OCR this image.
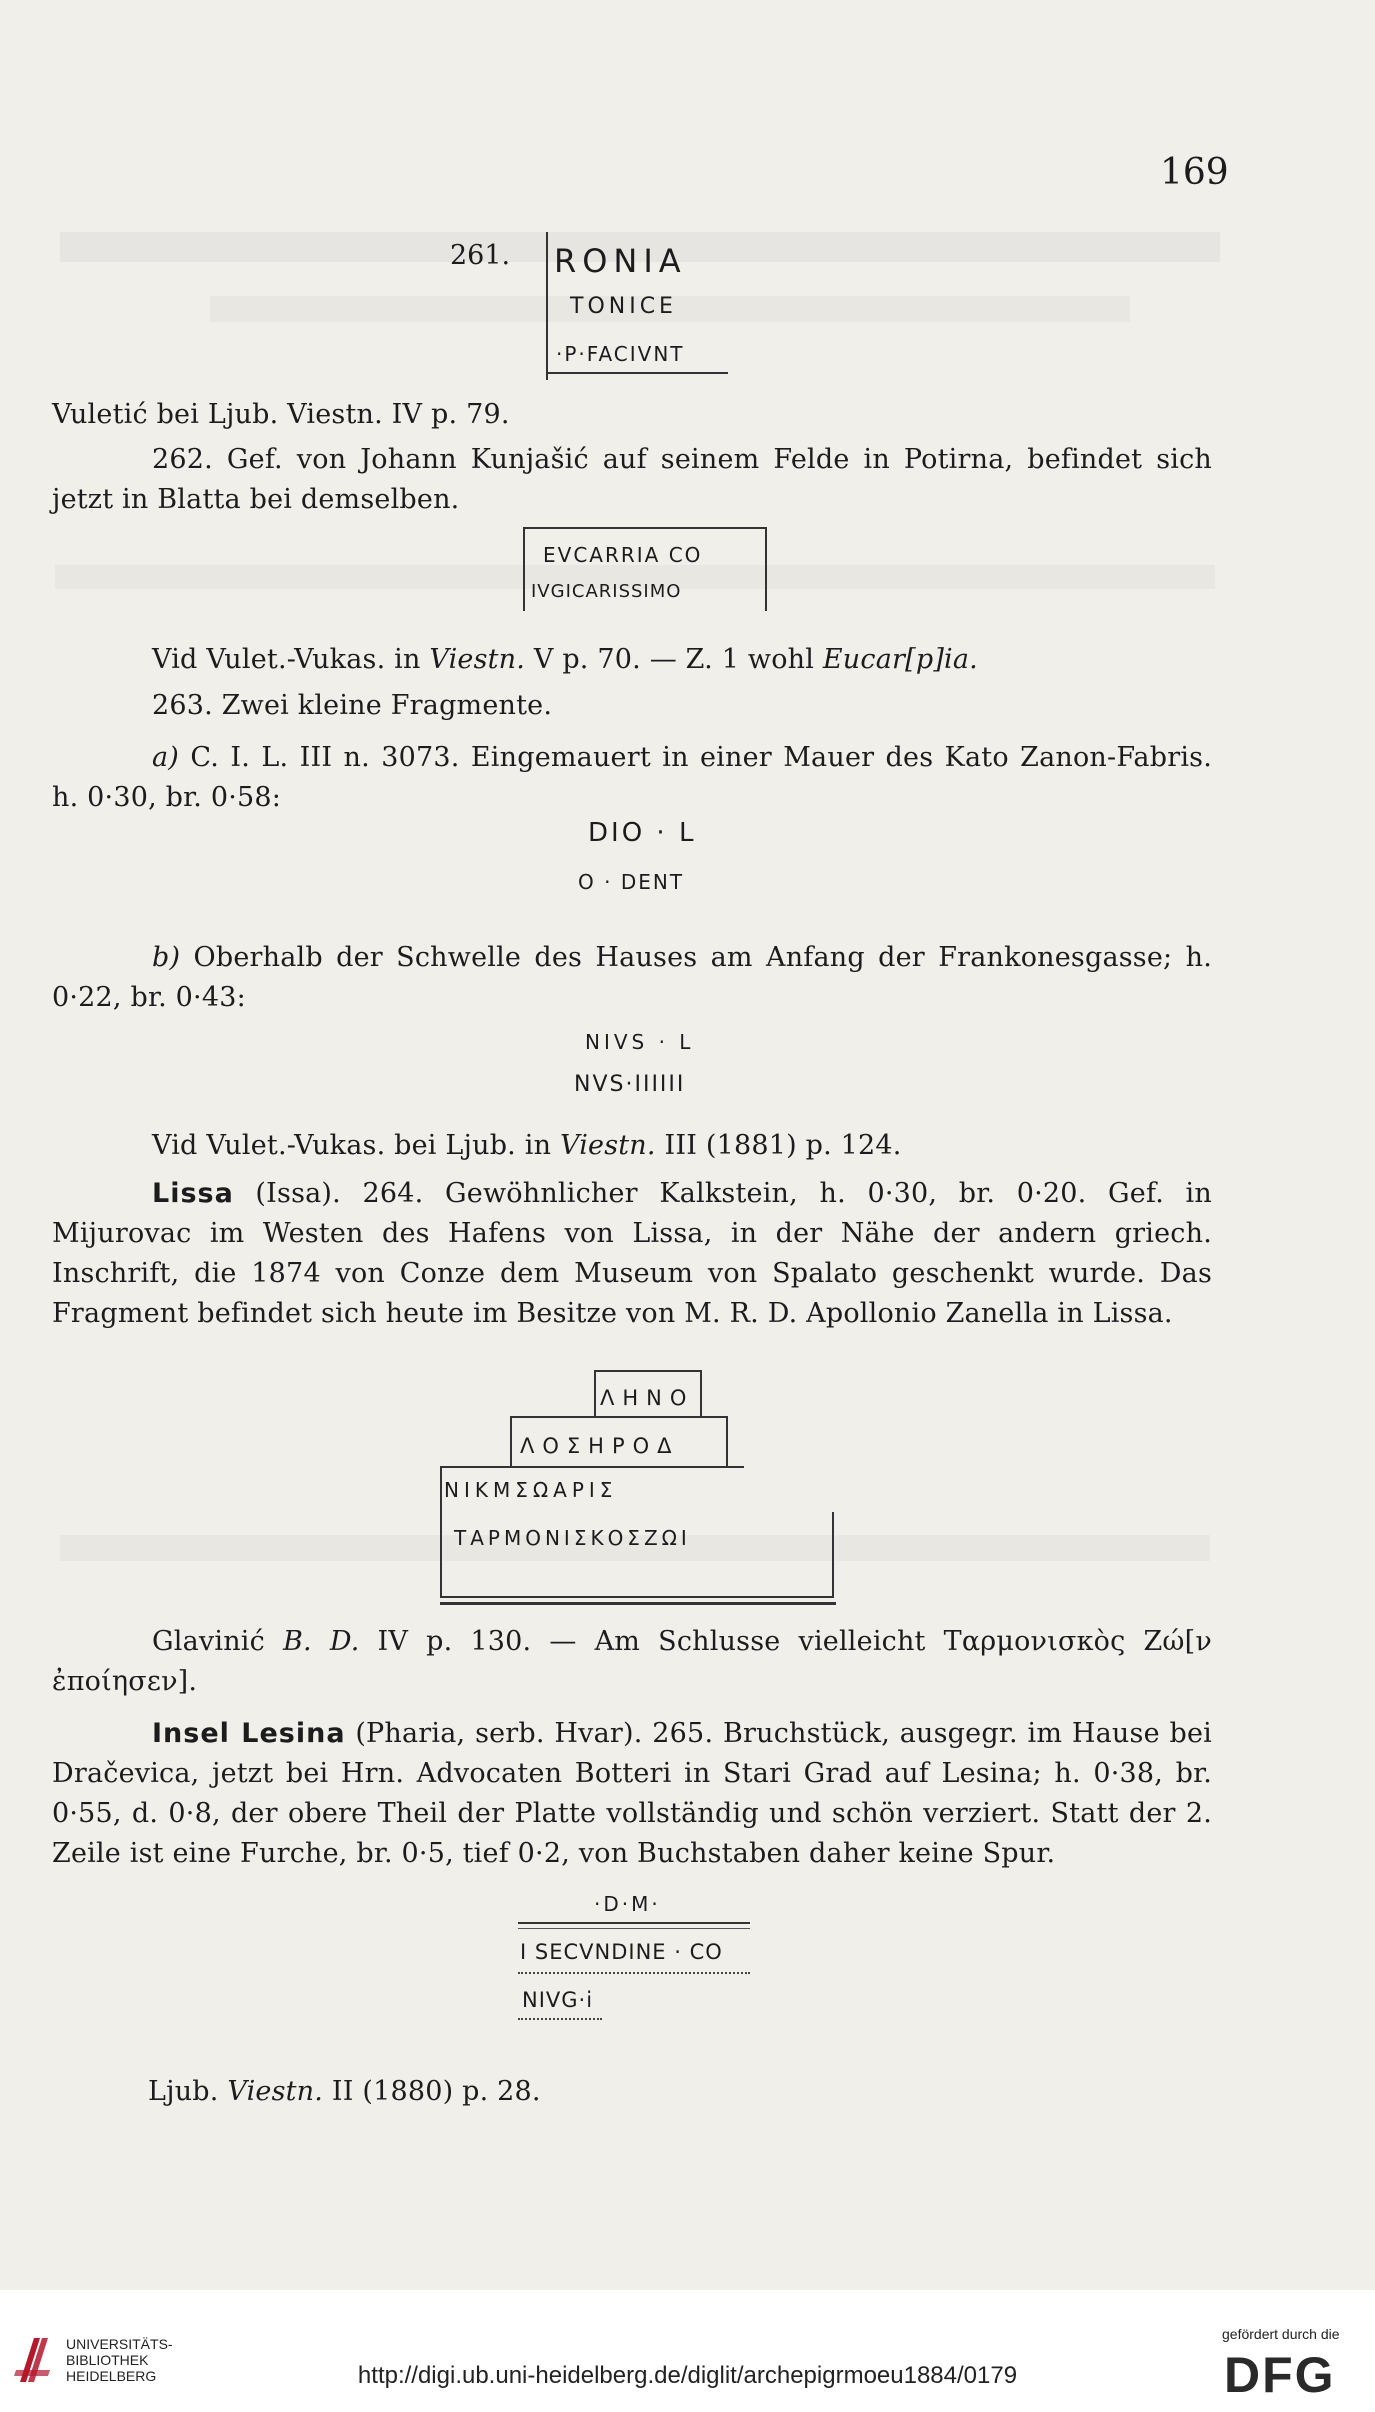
169
261. RONIA
TONICE
·P·FACIVNT
Vuletić bei Ljub. Viestn. IV p. 79.
262. Gef. von Johann Kunjašić auf seinem Felde in Potirna, befindet sich jetzt in Blatta bei demselben.
EVCARRIA CO
IVGICARISSIMO
Vid Vulet.-Vukas. in Viestn. V p. 70. — Z. 1 wohl Eucar[p]ia.
263. Zwei kleine Fragmente.
a) C. I. L. III n. 3073. Eingemauert in einer Mauer des Kato Zanon-Fabris. h. 0·30, br. 0·58:
DIO · L
O · DENT
b) Oberhalb der Schwelle des Hauses am Anfang der Frankonesgasse; h. 0·22, br. 0·43:
NIVS · L
NVS·IIIIII
Vid Vulet.-Vukas. bei Ljub. in Viestn. III (1881) p. 124.
Lissa (Issa). 264. Gewöhnlicher Kalkstein, h. 0·30, br. 0·20. Gef. in Mijurovac im Westen des Hafens von Lissa, in der Nähe der andern griech. Inschrift, die 1874 von Conze dem Museum von Spalato geschenkt wurde. Das Fragment befindet sich heute im Besitze von M. R. D. Apollonio Zanella in Lissa.
ΛΗΝΟ
ΛΟΣΗΡΟΔ
ΝΙΚΜΣΩΑΡΙΣ
ΤΑΡΜΟΝΙΣΚΟΣΖΩΙ
Glavinić B. D. IV p. 130. — Am Schlusse vielleicht Ταρμονισκὸς Ζώ[ν ἐποίησεν].
Insel Lesina (Pharia, serb. Hvar). 265. Bruchstück, ausgegr. im Hause bei Dračevica, jetzt bei Hrn. Advocaten Botteri in Stari Grad auf Lesina; h. 0·38, br. 0·55, d. 0·8, der obere Theil der Platte vollständig und schön verziert. Statt der 2. Zeile ist eine Furche, br. 0·5, tief 0·2, von Buchstaben daher keine Spur.
·D·M·
I SECVNDINE · CO
NIVG·i
Ljub. Viestn. II (1880) p. 28.
UNIVERSITÄTS-
BIBLIOTHEK
HEIDELBERG	http://digi.ub.uni-heidelberg.de/diglit/archepigrmoeu1884/0179
gefördert durch die
DFG
